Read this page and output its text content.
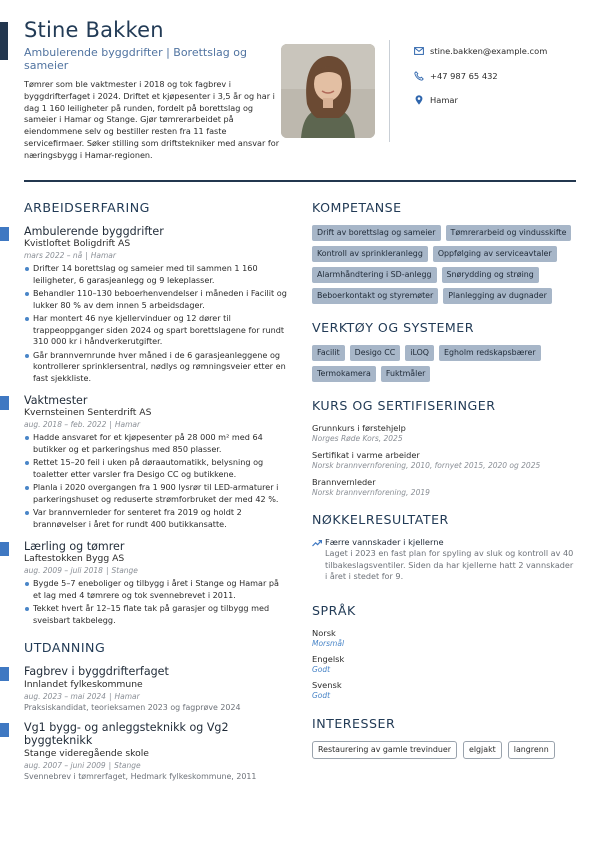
Stine Bakken
Ambulerende byggdrifter | Borettslag og sameier
Tømrer som ble vaktmester i 2018 og tok fagbrev i byggdrifterfaget i 2024. Driftet et kjøpesenter i 3,5 år og har i dag 1 160 leiligheter på runden, fordelt på borettslag og sameier i Hamar og Stange. Gjør tømrerarbeidet på eiendommene selv og bestiller resten fra 11 faste servicefirmaer. Søker stilling som driftstekniker med ansvar for næringsbygg i Hamar-regionen.
stine.bakken@example.com
+47 987 65 432
Hamar
ARBEIDSERFARING
Ambulerende byggdrifter
Kvistloftet Boligdrift AS
mars 2022 – nå | Hamar
Drifter 14 borettslag og sameier med til sammen 1 160 leiligheter, 6 garasjeanlegg og 9 lekeplasser.
Behandler 110–130 beboerhenvendelser i måneden i Facilit og lukker 80 % av dem innen 5 arbeidsdager.
Har montert 46 nye kjellervinduer og 12 dører til trappeoppganger siden 2024 og spart borettslagene for rundt 310 000 kr i håndverkerutgifter.
Går brannvernrunde hver måned i de 6 garasjeanleggene og kontrollerer sprinklersentral, nødlys og rømningsveier etter en fast sjekkliste.
Vaktmester
Kvernsteinen Senterdrift AS
aug. 2018 – feb. 2022 | Hamar
Hadde ansvaret for et kjøpesenter på 28 000 m² med 64 butikker og et parkeringshus med 850 plasser.
Rettet 15–20 feil i uken på døraautomatikk, belysning og toaletter etter varsler fra Desigo CC og butikkene.
Planla i 2020 overgangen fra 1 900 lysrør til LED-armaturer i parkeringshuset og reduserte strømforbruket der med 42 %.
Var brannvernleder for senteret fra 2019 og holdt 2 brannøvelser i året for rundt 400 butikkansatte.
Lærling og tømrer
Laftestokken Bygg AS
aug. 2009 – juli 2018 | Stange
Bygde 5–7 eneboliger og tilbygg i året i Stange og Hamar på et lag med 4 tømrere og tok svennebrevet i 2011.
Tekket hvert år 12–15 flate tak på garasjer og tilbygg med sveisbart takbelegg.
UTDANNING
Fagbrev i byggdrifterfaget
Innlandet fylkeskommune
aug. 2023 – mai 2024 | Hamar
Praksiskandidat, teorieksamen 2023 og fagprøve 2024
Vg1 bygg- og anleggsteknikk og Vg2 byggteknikk
Stange videregående skole
aug. 2007 – juni 2009 | Stange
Svennebrev i tømrerfaget, Hedmark fylkeskommune, 2011
KOMPETANSE
Drift av borettslag og sameier	Tømrerarbeid og vindusskifte
Kontroll av sprinkleranlegg	Oppfølging av serviceavtaler
Alarmhåndtering i SD-anlegg	Snørydding og strøing
Beboerkontakt og styremøter	Planlegging av dugnader
VERKTØY OG SYSTEMER
Facilit	Desigo CC	iLOQ	Egholm redskapsbærer
Termokamera	Fuktmåler
KURS OG SERTIFISERINGER
Grunnkurs i førstehjelp
Norges Røde Kors, 2025
Sertifikat i varme arbeider
Norsk brannvernforening, 2010, fornyet 2015, 2020 og 2025
Brannvernleder
Norsk brannvernforening, 2019
NØKKELRESULTATER
Færre vannskader i kjellerne
Laget i 2023 en fast plan for spyling av sluk og kontroll av 40 tilbakeslagsventiler. Siden da har kjellerne hatt 2 vannskader i året i stedet for 9.
SPRÅK
Norsk
Morsmål
Engelsk
Godt
Svensk
Godt
INTERESSER
Restaurering av gamle trevinduer	elgjakt	langrenn
